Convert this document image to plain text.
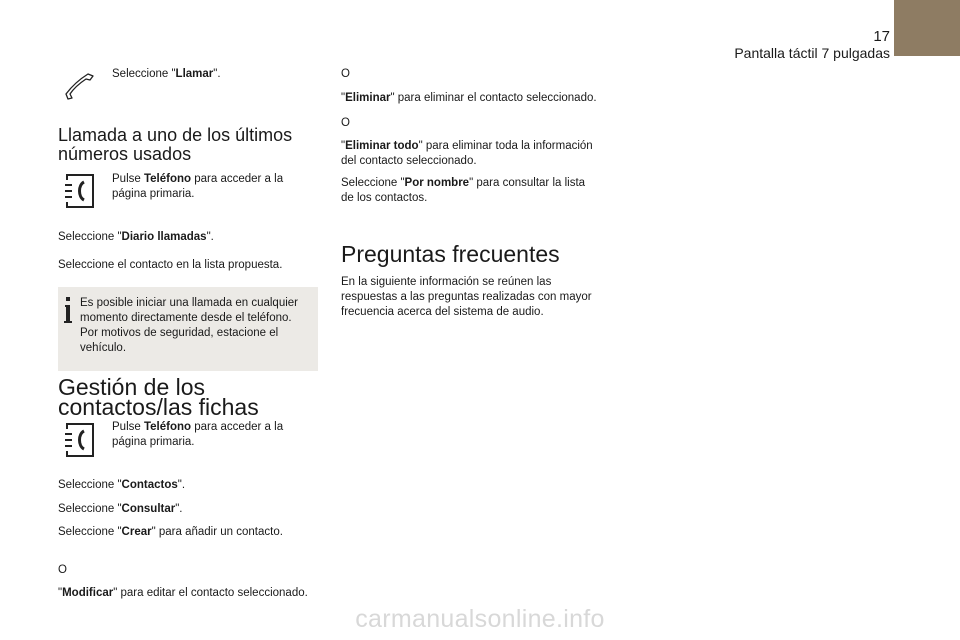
17
Pantalla táctil 7 pulgadas

Seleccione "Llamar".

Llamada a uno de los últimos números usados

Pulse Teléfono para acceder a la página primaria.

Seleccione "Diario llamadas".

Seleccione el contacto en la lista propuesta.

Es posible iniciar una llamada en cualquier momento directamente desde el teléfono. Por motivos de seguridad, estacione el vehículo.

Gestión de los contactos/las fichas

Pulse Teléfono para acceder a la página primaria.

Seleccione "Contactos".

Seleccione "Consultar".

Seleccione "Crear" para añadir un contacto.

O

"Modificar" para editar el contacto seleccionado.

O

"Eliminar" para eliminar el contacto seleccionado.

O

"Eliminar todo" para eliminar toda la información del contacto seleccionado.

Seleccione "Por nombre" para consultar la lista de los contactos.

Preguntas frecuentes

En la siguiente información se reúnen las respuestas a las preguntas realizadas con mayor frecuencia acerca del sistema de audio.

carmanualsonline.info
